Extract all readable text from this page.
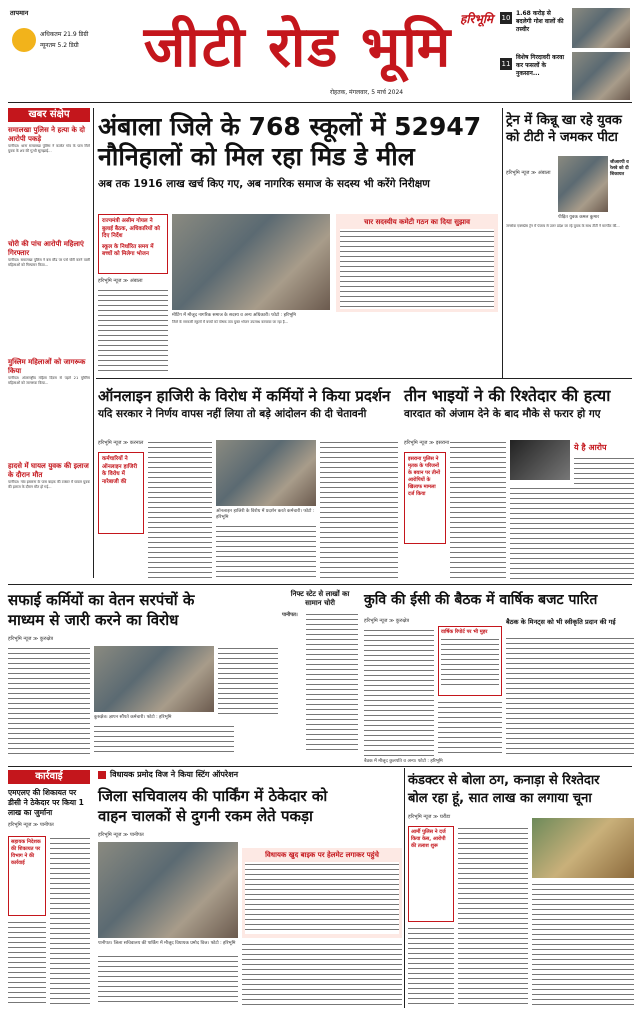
तापमान
अधिकतम 21.9 डिग्री
न्यूनतम 5.2 डिग्री
हरिभूमि
जीटी रोड भूमि
रोहतक, मंगलवार, 5 मार्च 2024
10
1.68 करोड़ से बदलेगी गोश वालों की तस्वीर
11
विशेष गिरदावरी करवा कर फसलों के नुकसान...
खबर संक्षेप
समालखा पुलिस ने हत्या के दो आरोपी पकड़े
पानीपत। थाना समालखा पुलिस ने कतरेत गांव के पास मिले युवक के शव की गुत्थी सुलझाई...
चोरी की पांच आरोपी महिलाएं गिरफ्तार
पानीपत। समालखा पुलिस ने बस स्टैंड पर पर्स चोरी करने वाली महिलाओं को गिरफ्तार किया...
मुस्लिम महिलाओं को जागरूक किया
पानीपत। अंतरराष्ट्रीय महिला दिवस से पहले 21 मुस्लिम महिलाओं को जागरूक किया...
हादसे में घायल युवक की इलाज के दौरान मौत
पानीपत। गांव इसराना के पास बाइक की टक्कर में घायल युवक की इलाज के दौरान मौत हो गई...
अंबाला जिले के 768 स्कूलों में 52947
नौनिहालों को मिल रहा मिड डे मील
अब तक 1916 लाख खर्च किए गए, अब नागरिक समाज के सदस्य भी करेंगे निरीक्षण
राज्यमंत्री असीम गोयल ने बुलाई बैठक, अधिकारियों को दिए निर्देश
स्कूल के निर्धारित समय में बच्चों को मिलेगा भोजन
हरिभूमि न्यूज ≫ अंबाला
मीटिंग में मौजूद नागरिक समाज के सदस्य व अन्य अधिकारी। फोटो : हरिभूमि
चार सदस्यीय कमेटी गठन का दिया सुझाव
जिले के सरकारी स्कूलों में बच्चों को पोषक तत्व युक्त भोजन उपलब्ध करवाया जा रहा है...
ट्रेन में किन्नू खा रहे युवक को टीटी ने जमकर पीटा
हरिभूमि न्यूज ≫ अंबाला
जीआरपी व रेलवे को दी शिकायत
पीड़ित युवक कमल कुमार
जनसेवा एक्सप्रेस ट्रेन में पंजाब से उत्तर प्रदेश जा रहे युवक के साथ टीटी ने मारपीट की...
ऑनलाइन हाजिरी के विरोध में कर्मियों ने किया प्रदर्शन
यदि सरकार ने निर्णय वापस नहीं लिया तो बड़े आंदोलन की दी चेतावनी
हरिभूमि न्यूज ≫ करनाल
कर्मचारियों ने ऑनलाइन हाजिरी के विरोध में नारेबाजी की
ऑनलाइन हाजिरी के विरोध में प्रदर्शन करते कर्मचारी। फोटो : हरिभूमि
तीन भाइयों ने की रिश्तेदार की हत्या
वारदात को अंजाम देने के बाद मौके से फरार हो गए
हरिभूमि न्यूज ≫ इसराना
इसराना पुलिस ने मृतक के परिजनों के बयान पर तीनों आरोपियों के खिलाफ मामला दर्ज किया
ये है आरोप
सफाई कर्मियों का वेतन सरपंचों के
माध्यम से जारी करने का विरोध
हरिभूमि न्यूज ≫ कुरुक्षेत्र
कुरुक्षेत्र। ज्ञापन सौंपते कर्मचारी। फोटो : हरिभूमि
निफ्ट स्टेट से लाखों का सामान चोरी
पानीपत।
कुवि की ईसी की बैठक में वार्षिक बजट पारित
हरिभूमि न्यूज ≫ कुरुक्षेत्र
वार्षिक रिपोर्ट पर भी मुहर
बैठक के मिनट्स को भी स्वीकृति प्रदान की गई
बैठक में मौजूद कुलपति व अन्य। फोटो : हरिभूमि
कार्रवाई
एमएलए की शिकायत पर डीसी ने ठेकेदार पर किया 1 लाख का जुर्माना
हरिभूमि न्यूज ≫ पानीपत
सहायक निदेशक की शिकायत पर विभाग ने की कार्रवाई
विधायक प्रमोद विज ने किया स्टिंग ऑपरेशन
जिला सचिवालय की पार्किंग में ठेकेदार को
वाहन चालकों से दुगनी रकम लेते पकड़ा
हरिभूमि न्यूज ≫ पानीपत
पानीपत। जिला सचिवालय की पार्किंग में मौजूद विधायक प्रमोद विज। फोटो : हरिभूमि
विधायक खुद बाइक पर हेलमेट लगाकर पहुंचे
कंडक्टर से बोला ठग, कनाड़ा से रिश्तेदार
बोल रहा हूं, सात लाख का लगाया चूना
हरिभूमि न्यूज ≫ घरौंडा
आर्मी पुलिस ने दर्ज किया केस, आरोपी की तलाश शुरू
